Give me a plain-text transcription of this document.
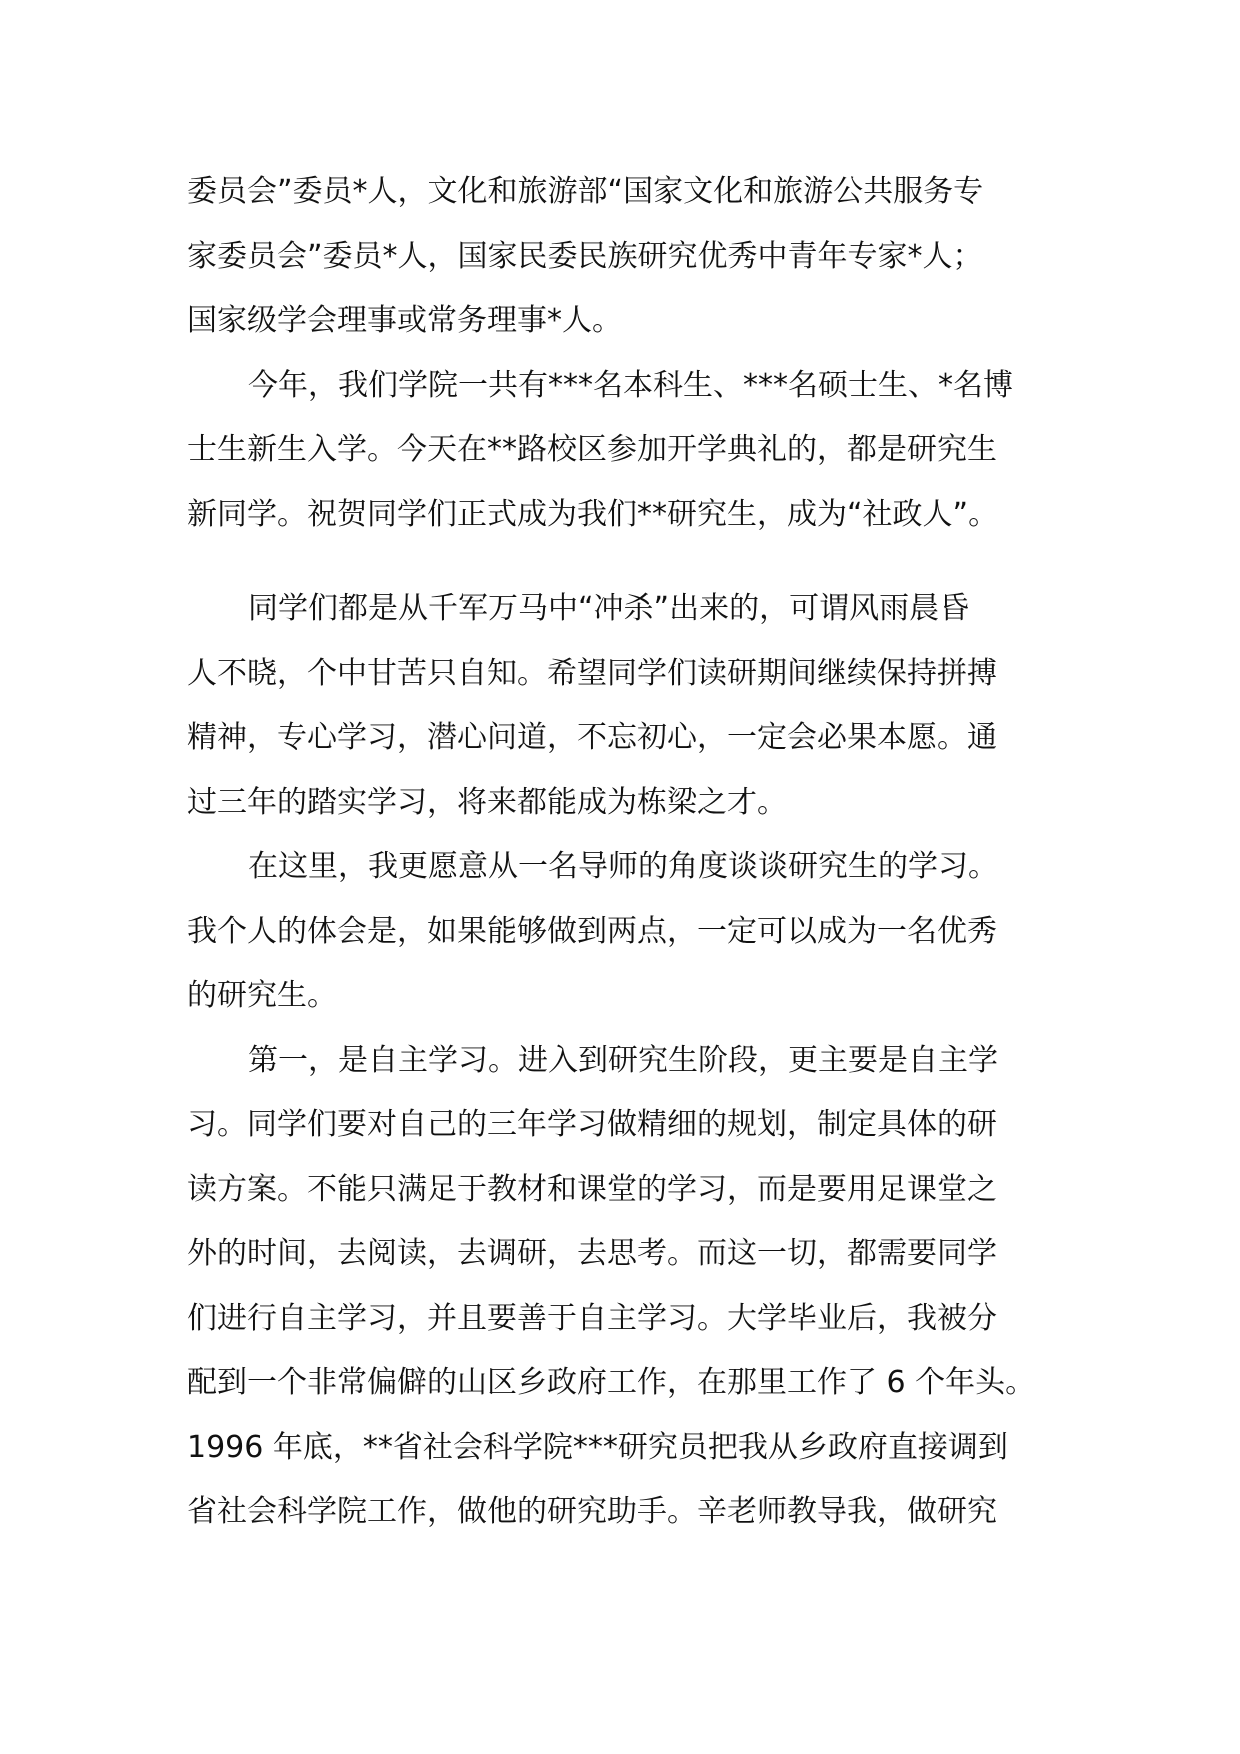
委员会”委员*人，文化和旅游部“国家文化和旅游公共服务专
家委员会”委员*人，国家民委民族研究优秀中青年专家*人；
国家级学会理事或常务理事*人。
今年，我们学院一共有***名本科生、***名硕士生、*名博
士生新生入学。今天在**路校区参加开学典礼的，都是研究生
新同学。祝贺同学们正式成为我们**研究生，成为“社政人”。
同学们都是从千军万马中“冲杀”出来的，可谓风雨晨昏
人不晓，个中甘苦只自知。希望同学们读研期间继续保持拼搏
精神，专心学习，潜心问道，不忘初心，一定会必果本愿。通
过三年的踏实学习，将来都能成为栋梁之才。
在这里，我更愿意从一名导师的角度谈谈研究生的学习。
我个人的体会是，如果能够做到两点，一定可以成为一名优秀
的研究生。
第一，是自主学习。进入到研究生阶段，更主要是自主学
习。同学们要对自己的三年学习做精细的规划，制定具体的研
读方案。不能只满足于教材和课堂的学习，而是要用足课堂之
外的时间，去阅读，去调研，去思考。而这一切，都需要同学
们进行自主学习，并且要善于自主学习。大学毕业后，我被分
配到一个非常偏僻的山区乡政府工作，在那里工作了 6 个年头。
1996 年底，**省社会科学院***研究员把我从乡政府直接调到
省社会科学院工作，做他的研究助手。辛老师教导我，做研究
